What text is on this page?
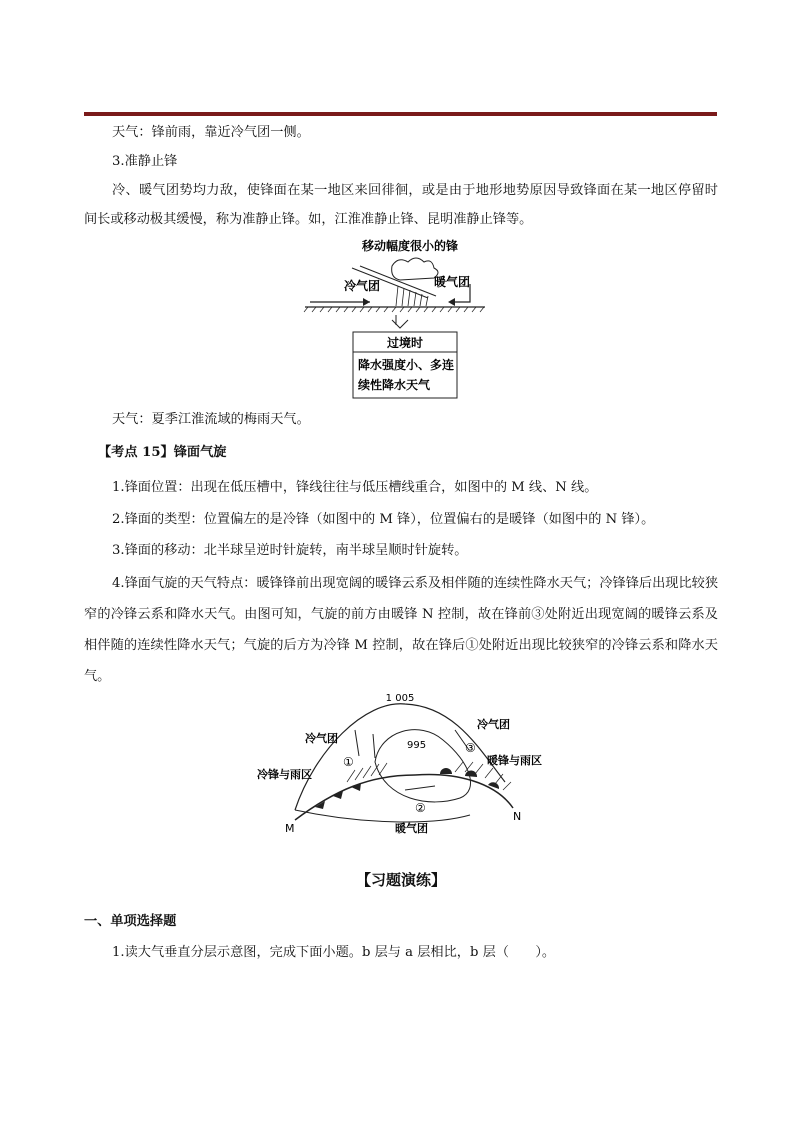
天气：锋前雨，靠近冷气团一侧。
3.准静止锋
冷、暖气团势均力敌，使锋面在某一地区来回徘徊，或是由于地形地势原因导致锋面在某一地区停留时间长或移动极其缓慢，称为准静止锋。如，江淮准静止锋、昆明准静止锋等。
移动幅度很小的锋
冷气团	暖气团
过境时
降水强度小、多连
续性降水天气
天气：夏季江淮流域的梅雨天气。
【考点 15】锋面气旋
1.锋面位置：出现在低压槽中，锋线往往与低压槽线重合，如图中的 M 线、N 线。
2.锋面的类型：位置偏左的是冷锋（如图中的 M 锋），位置偏右的是暖锋（如图中的 N 锋）。
3.锋面的移动：北半球呈逆时针旋转，南半球呈顺时针旋转。
4.锋面气旋的天气特点：暖锋锋前出现宽阔的暖锋云系及相伴随的连续性降水天气；冷锋锋后出现比较狭窄的冷锋云系和降水天气。由图可知，气旋的前方由暖锋 N 控制，故在锋前③处附近出现宽阔的暖锋云系及相伴随的连续性降水天气；气旋的后方为冷锋 M 控制，故在锋后①处附近出现比较狭窄的冷锋云系和降水天气。
1 005
995
冷气团
冷气团
冷锋与雨区
暖锋与雨区
暖气团
①
②
③
M
N
【习题演练】
一、单项选择题
1.读大气垂直分层示意图，完成下面小题。b 层与 a 层相比，b 层（　　）。
